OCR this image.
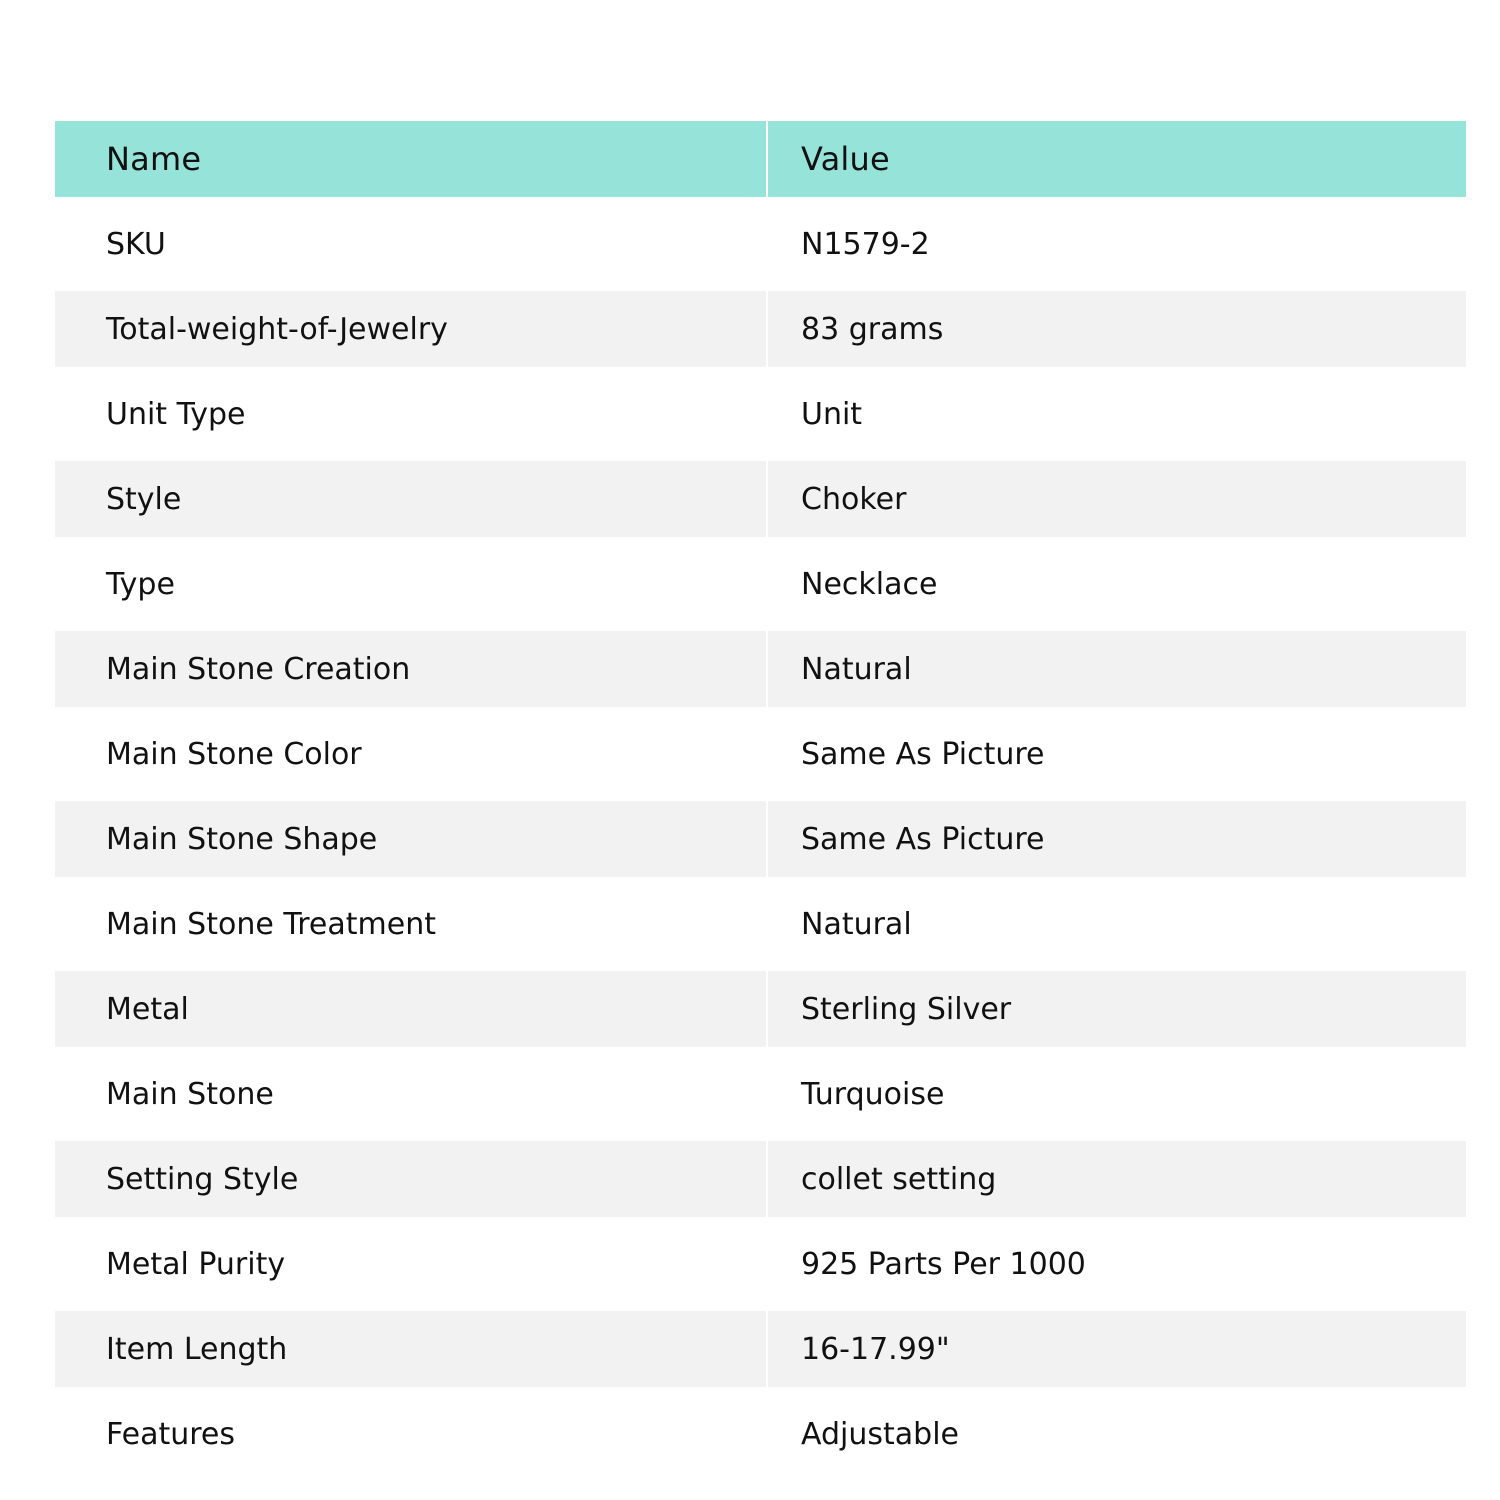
Name	Value
SKU	N1579-2
Total-weight-of-Jewelry	83 grams
Unit Type	Unit
Style	Choker
Type	Necklace
Main Stone Creation	Natural
Main Stone Color	Same As Picture
Main Stone Shape	Same As Picture
Main Stone Treatment	Natural
Metal	Sterling Silver
Main Stone	Turquoise
Setting Style	collet setting
Metal Purity	925 Parts Per 1000
Item Length	16-17.99"
Features	Adjustable
